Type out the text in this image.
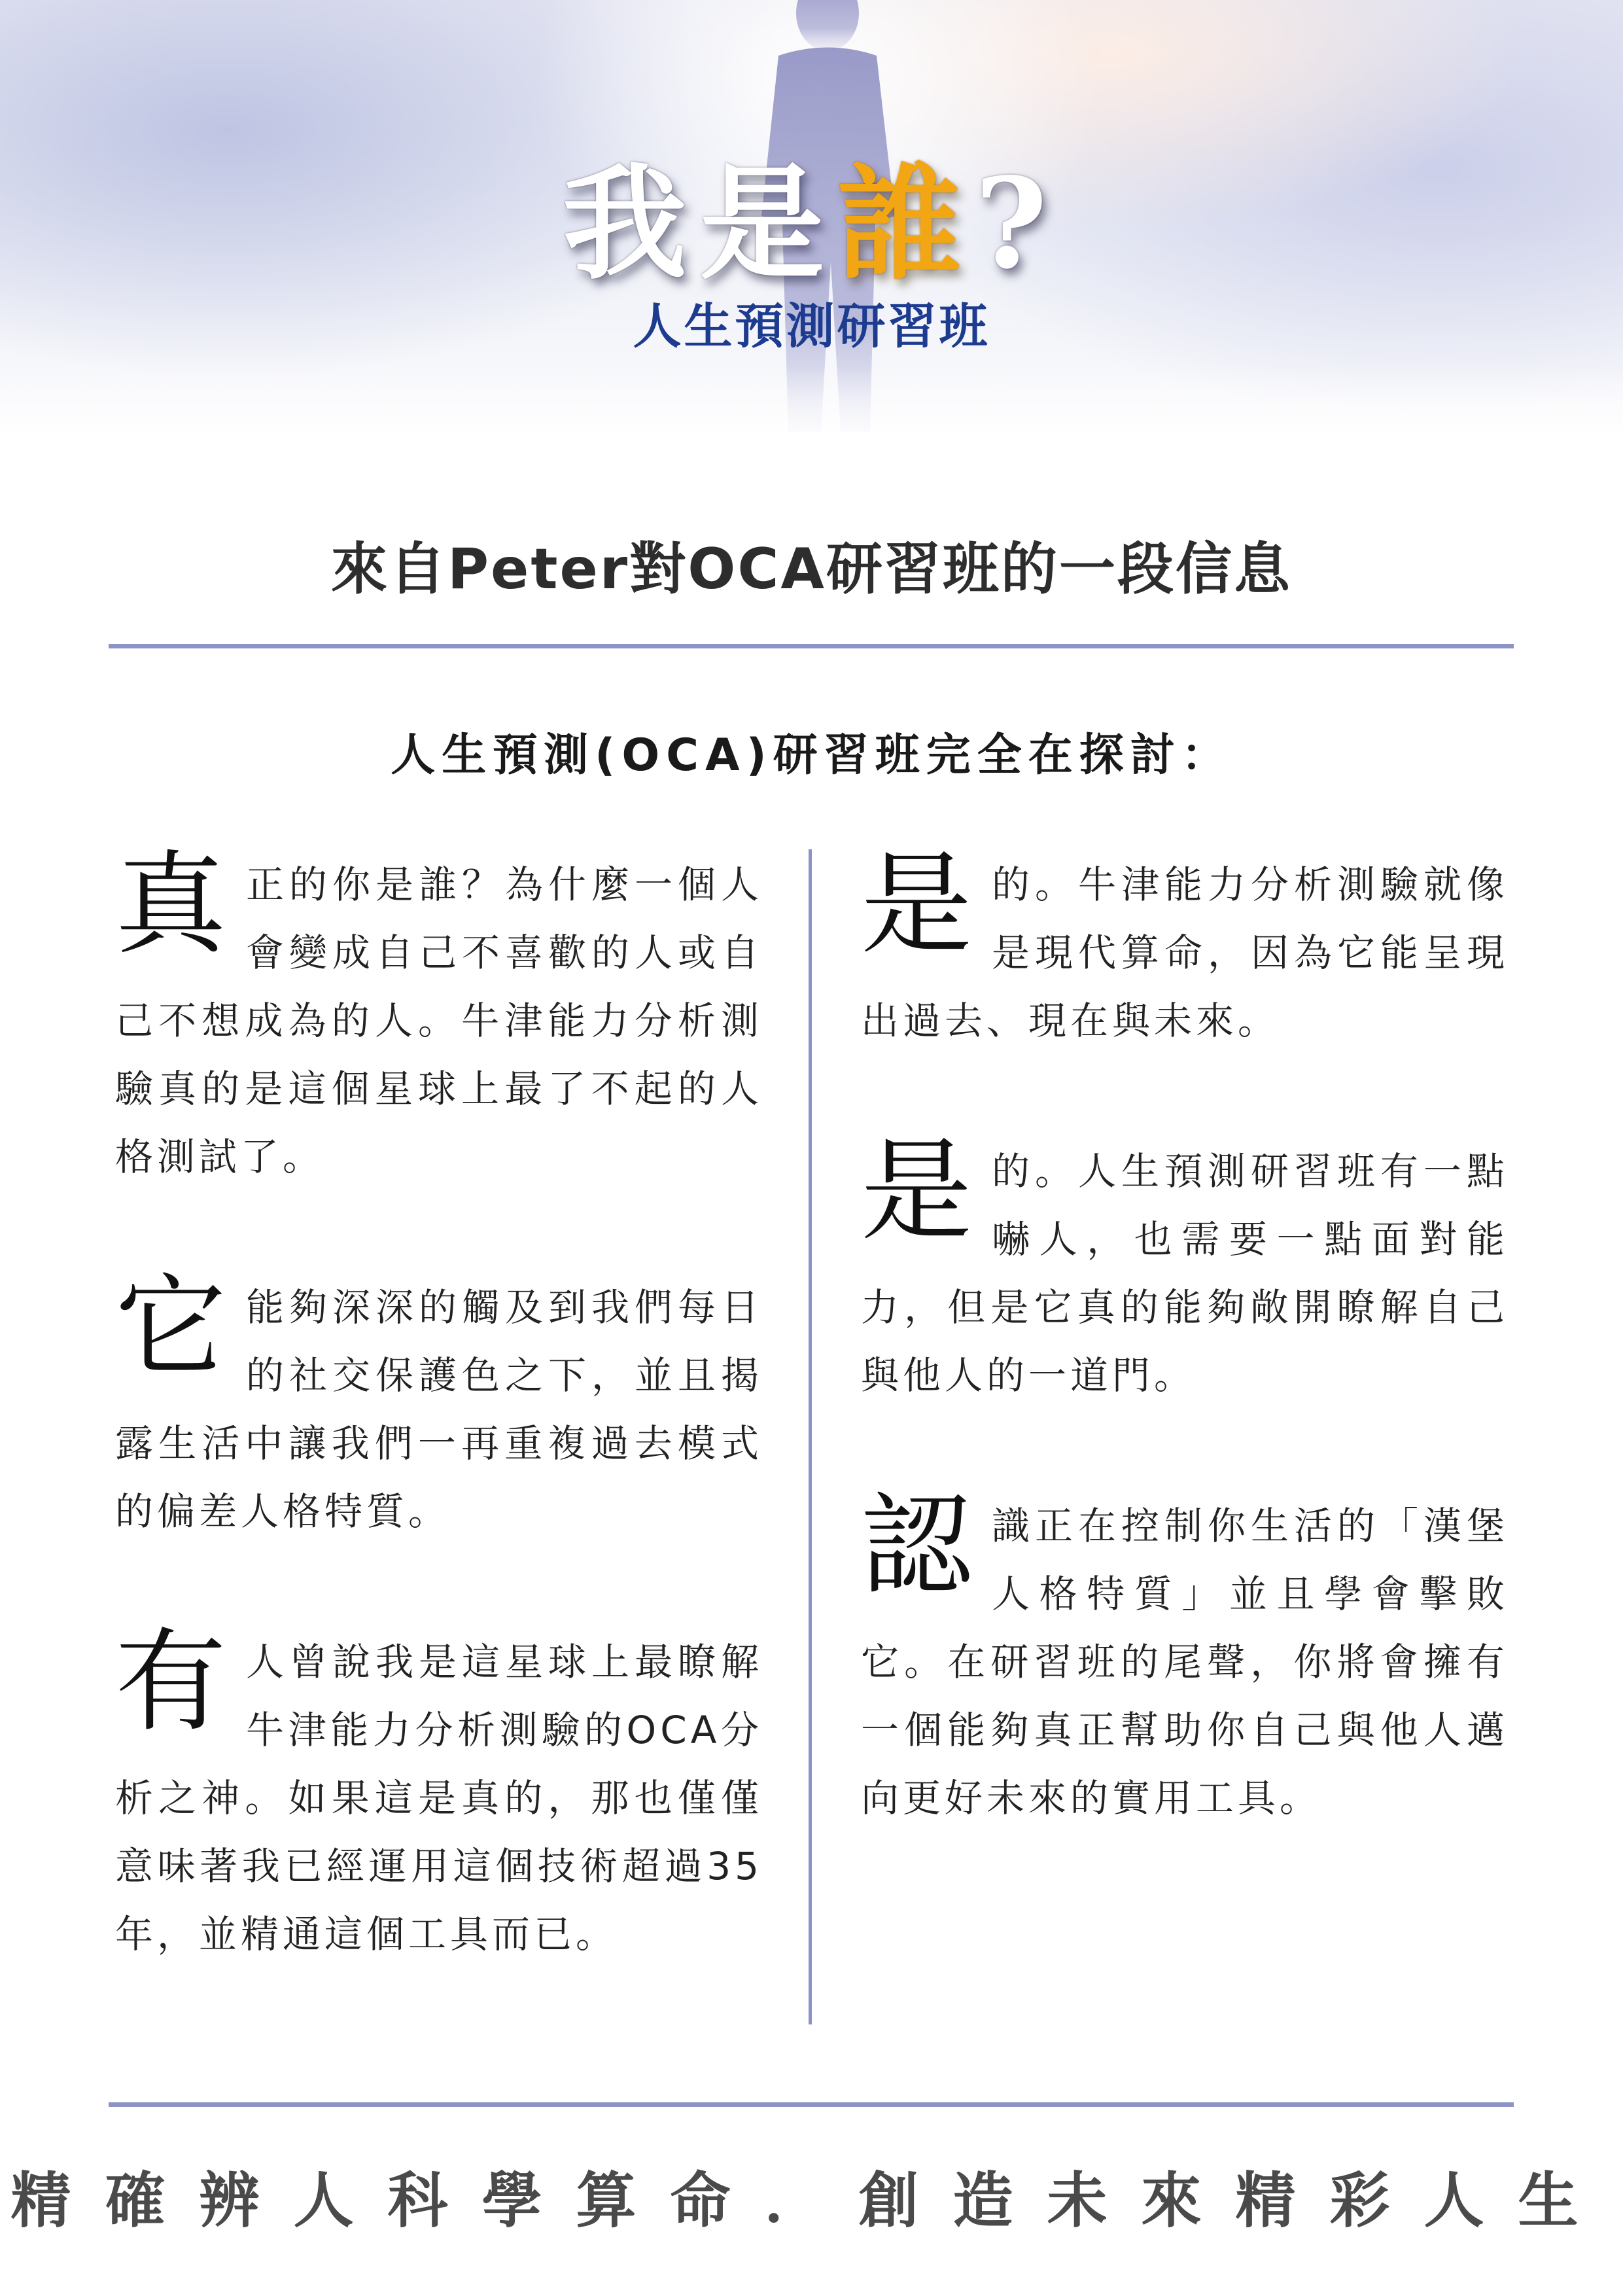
我是誰?
人生預測研習班
來自Peter對OCA研習班的一段信息
人生預測(OCA)研習班完全在探討：

真正的你是誰？為什麼一個人會變成自己不喜歡的人或自己不想成為的人。牛津能力分析測驗真的是這個星球上最了不起的人格測試了。

它能夠深深的觸及到我們每日的社交保護色之下，並且揭露生活中讓我們一再重複過去模式的偏差人格特質。

有人曾說我是這星球上最瞭解牛津能力分析測驗的OCA分析之神。如果這是真的，那也僅僅意味著我已經運用這個技術超過35年，並精通這個工具而已。

是的。牛津能力分析測驗就像是現代算命，因為它能呈現出過去、現在與未來。

是的。人生預測研習班有一點嚇人，也需要一點面對能力，但是它真的能夠敞開瞭解自己與他人的一道門。

認識正在控制你生活的「漢堡人格特質」並且學會擊敗它。在研習班的尾聲，你將會擁有一個能夠真正幫助你自己與他人邁向更好未來的實用工具。

精確辨人科學算命．創造未來精彩人生
